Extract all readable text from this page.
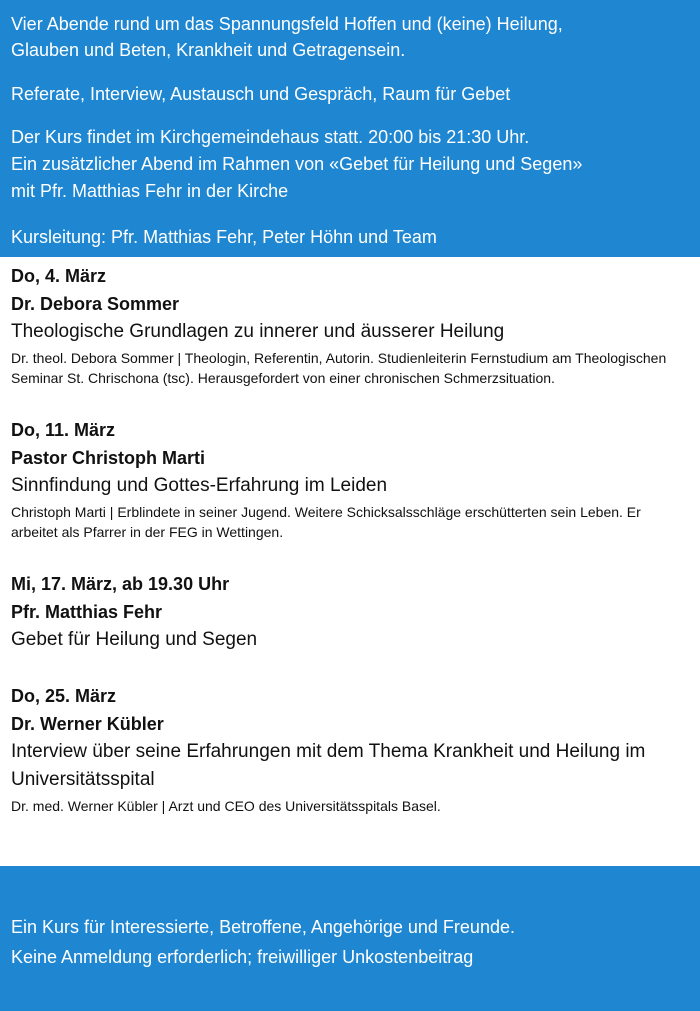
Vier Abende rund um das Spannungsfeld Hoffen und (keine) Heilung,

Glauben und Beten, Krankheit und Getragensein.

Referate, Interview, Austausch und Gespräch, Raum für Gebet

Der Kurs findet im Kirchgemeindehaus statt. 20:00 bis 21:30 Uhr.

Ein zusätzlicher Abend im Rahmen von «Gebet für Heilung und Segen»

mit Pfr. Matthias Fehr in der Kirche

Kursleitung: Pfr. Matthias Fehr, Peter Höhn und Team

Do, 4. März
Dr. Debora Sommer
Theologische Grundlagen zu innerer und äusserer Heilung
Dr. theol. Debora Sommer | Theologin, Referentin, Autorin. Studienleiterin Fernstudium am Theologischen Seminar St. Chrischona (tsc). Herausgefordert von einer chronischen Schmerzsituation.
Do, 11. März
Pastor Christoph Marti
Sinnfindung und Gottes-Erfahrung im Leiden
Christoph Marti | Erblindete in seiner Jugend. Weitere Schicksalsschläge erschütterten sein Leben. Er arbeitet als Pfarrer in der FEG in Wettingen.
Mi, 17. März, ab 19.30 Uhr
Pfr. Matthias Fehr
Gebet für Heilung und Segen
Do, 25. März
Dr. Werner Kübler
Interview über seine Erfahrungen mit dem Thema Krankheit und Heilung im Universitätsspital
Dr. med. Werner Kübler | Arzt und CEO des Universitätsspitals Basel.

Ein Kurs für Interessierte, Betroffene, Angehörige und Freunde.

Keine Anmeldung erforderlich; freiwilliger Unkostenbeitrag
